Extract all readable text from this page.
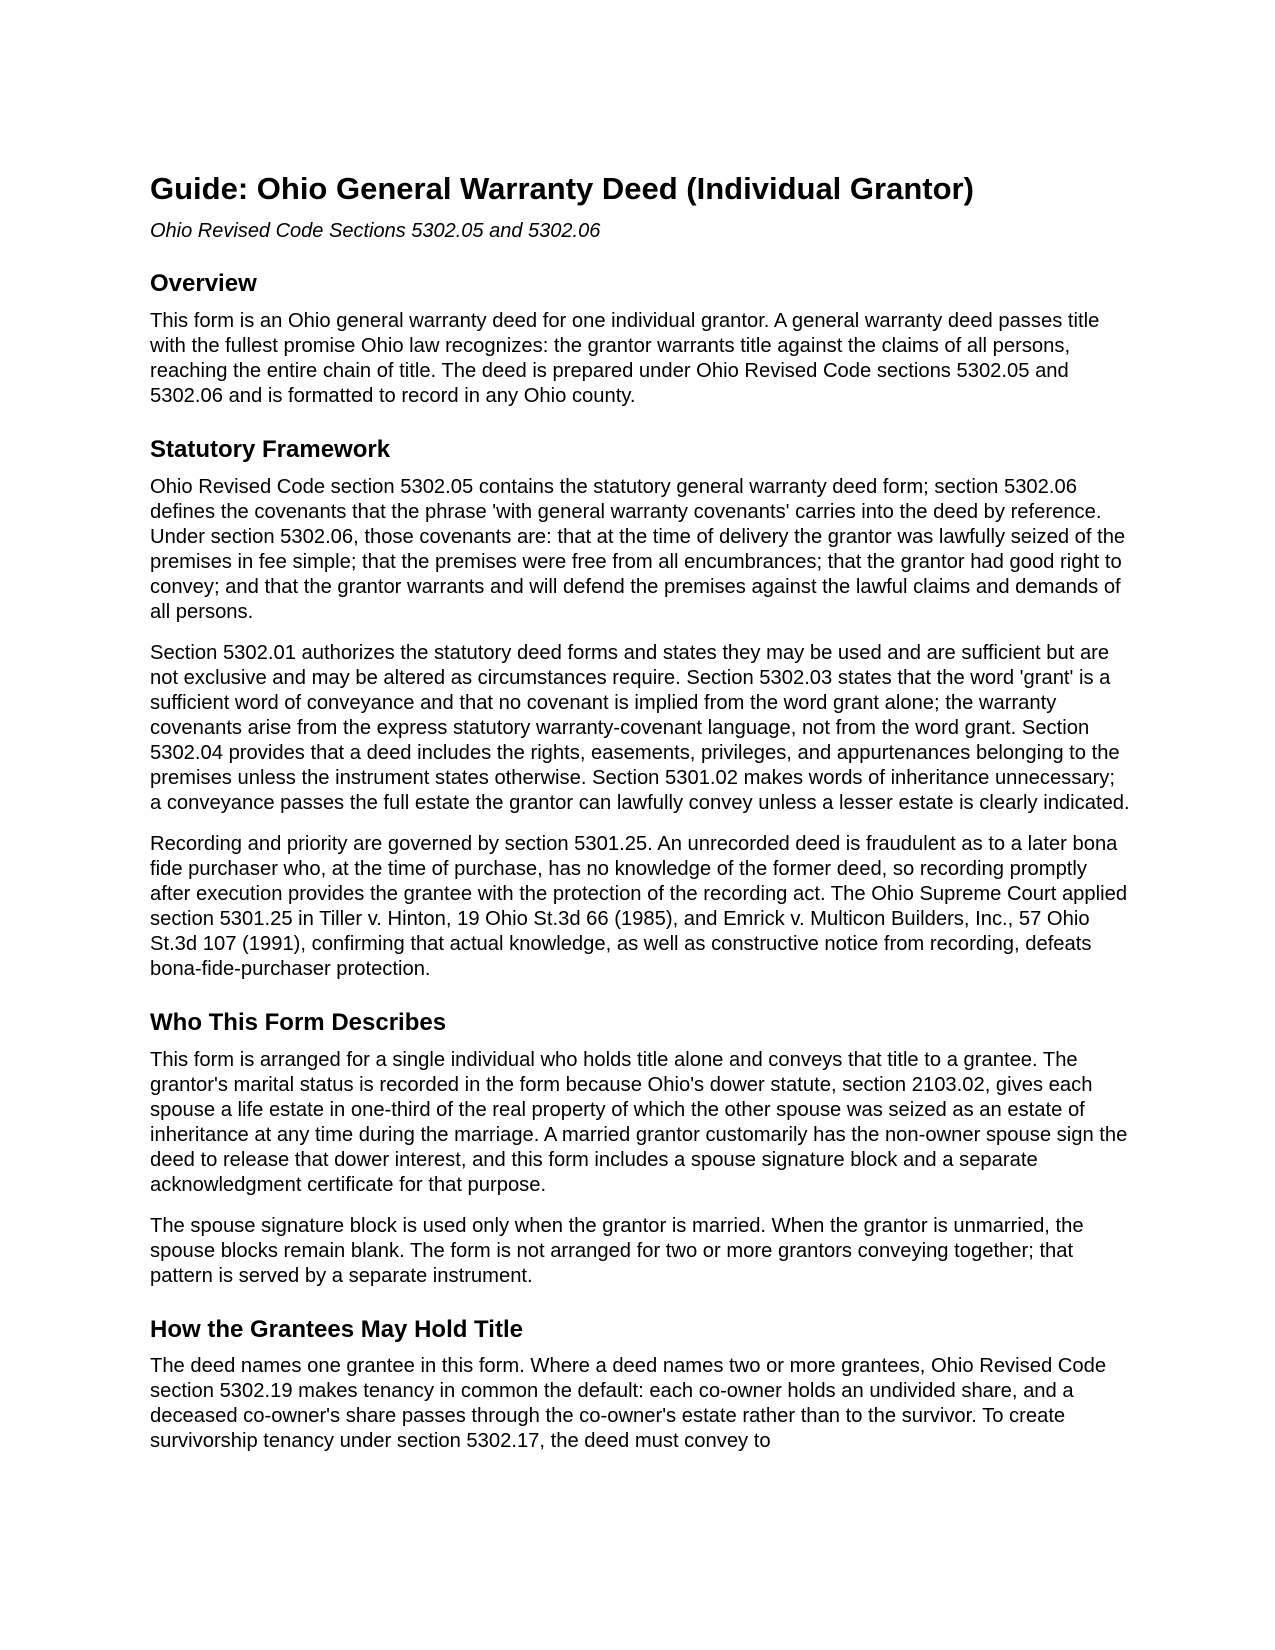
Guide: Ohio General Warranty Deed (Individual Grantor)
Ohio Revised Code Sections 5302.05 and 5302.06
Overview

This form is an Ohio general warranty deed for one individual grantor. A general warranty deed passes title with the fullest promise Ohio law recognizes: the grantor warrants title against the claims of all persons, reaching the entire chain of title. The deed is prepared under Ohio Revised Code sections 5302.05 and 5302.06 and is formatted to record in any Ohio county.

Statutory Framework

Ohio Revised Code section 5302.05 contains the statutory general warranty deed form; section 5302.06 defines the covenants that the phrase 'with general warranty covenants' carries into the deed by reference. Under section 5302.06, those covenants are: that at the time of delivery the grantor was lawfully seized of the premises in fee simple; that the premises were free from all encumbrances; that the grantor had good right to convey; and that the grantor warrants and will defend the premises against the lawful claims and demands of all persons.

Section 5302.01 authorizes the statutory deed forms and states they may be used and are sufficient but are not exclusive and may be altered as circumstances require. Section 5302.03 states that the word 'grant' is a sufficient word of conveyance and that no covenant is implied from the word grant alone; the warranty covenants arise from the express statutory warranty-covenant language, not from the word grant. Section 5302.04 provides that a deed includes the rights, easements, privileges, and appurtenances belonging to the premises unless the instrument states otherwise. Section 5301.02 makes words of inheritance unnecessary; a conveyance passes the full estate the grantor can lawfully convey unless a lesser estate is clearly indicated.

Recording and priority are governed by section 5301.25. An unrecorded deed is fraudulent as to a later bona fide purchaser who, at the time of purchase, has no knowledge of the former deed, so recording promptly after execution provides the grantee with the protection of the recording act. The Ohio Supreme Court applied section 5301.25 in Tiller v. Hinton, 19 Ohio St.3d 66 (1985), and Emrick v. Multicon Builders, Inc., 57 Ohio St.3d 107 (1991), confirming that actual knowledge, as well as constructive notice from recording, defeats bona-fide-purchaser protection.

Who This Form Describes

This form is arranged for a single individual who holds title alone and conveys that title to a grantee. The grantor's marital status is recorded in the form because Ohio's dower statute, section 2103.02, gives each spouse a life estate in one-third of the real property of which the other spouse was seized as an estate of inheritance at any time during the marriage. A married grantor customarily has the non-owner spouse sign the deed to release that dower interest, and this form includes a spouse signature block and a separate acknowledgment certificate for that purpose.

The spouse signature block is used only when the grantor is married. When the grantor is unmarried, the spouse blocks remain blank. The form is not arranged for two or more grantors conveying together; that pattern is served by a separate instrument.

How the Grantees May Hold Title

The deed names one grantee in this form. Where a deed names two or more grantees, Ohio Revised Code section 5302.19 makes tenancy in common the default: each co-owner holds an undivided share, and a deceased co-owner's share passes through the co-owner's estate rather than to the survivor. To create survivorship tenancy under section 5302.17, the deed must convey to
